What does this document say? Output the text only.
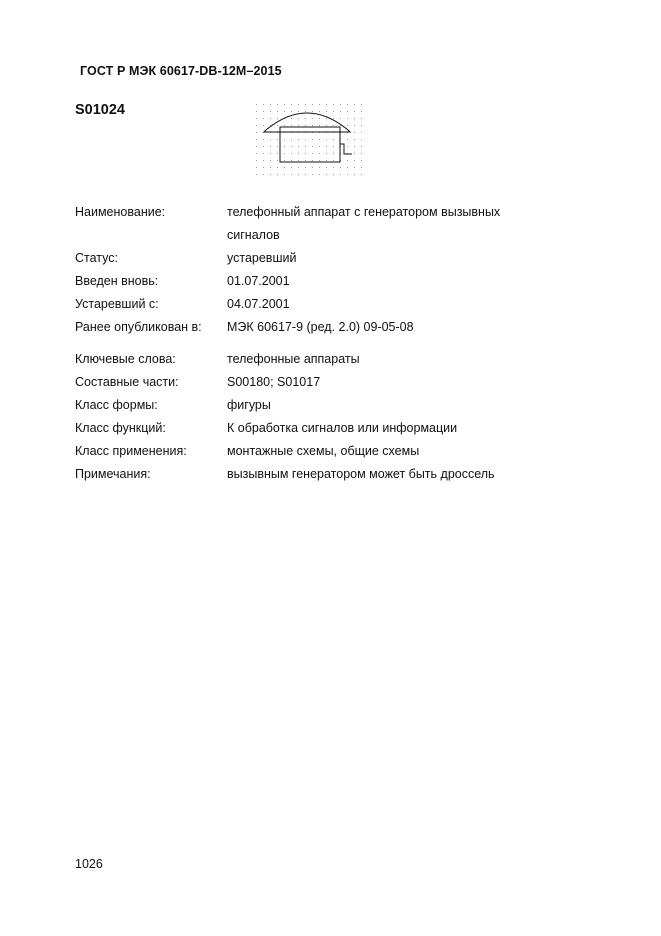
ГОСТ Р МЭК 60617-DB-12M–2015
S01024
Наименование:	телефонный аппарат с генератором вызывных сигналов
Статус:	устаревший
Введен вновь:	01.07.2001
Устаревший с:	04.07.2001
Ранее опубликован в:	МЭК 60617-9 (ред. 2.0) 09-05-08
Ключевые слова:	телефонные аппараты
Составные части:	S00180; S01017
Класс формы:	фигуры
Класс функций:	К обработка сигналов или информации
Класс применения:	монтажные схемы, общие схемы
Примечания:	вызывным генератором может быть дроссель
1026
